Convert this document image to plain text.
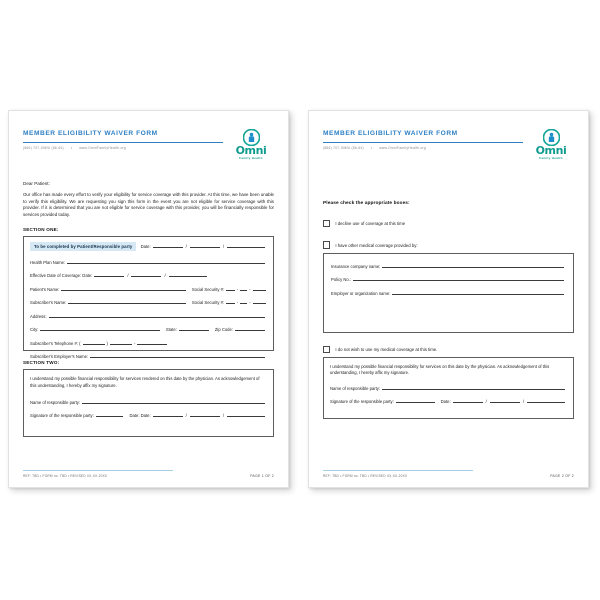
MEMBER ELIGIBILITY WAIVER FORM
(866) 707-OMNI (66-64) • www.OmniFamilyHealth.org	Omni
Family Health
Dear Patient:
Our office has made every effort to verify your eligibility for service coverage with this provider. At this time, we have been unable to verify this eligibility. We are requesting you sign this form in the event you are not eligible for service coverage with this provider. If it is determined that you are not eligible for service coverage with this provider, you will be financially responsible for services provided today.
SECTION ONE:
To be completed by Patient/Responsible party	Date:	/	/
Health Plan Name:
Effective Date of Coverage: Date:	/	/
Patient's Name:	Social Security #:	-	-
Subscriber's Name:	Social Security #:	-	-
Address:
City:	State:	Zip Code:
Subscriber's Telephone #: (	)	-
Subscriber's Employer's Name:
SECTION TWO:
I understand my possible financial responsibility for services rendered on this date by the physician. As acknowledgement of this understanding, I hereby affix my signature.
Name of responsible party:
Signature of the responsible party:	Date: Date:	/	/
REF: TBD • FORM no. TBD • REVISED XX-XX-20XX	PAGE 1 OF 2
MEMBER ELIGIBILITY WAIVER FORM
(866) 707-OMNI (66-64) • www.OmniFamilyHealth.org	Omni
Family Health
Please check the appropriate boxes:
I decline use of coverage at this time
I have other medical coverage provided by:
Insurance company name:
Policy No.:
Employer or organization name:
I do not wish to use my medical coverage at this time.
I understand my possible financial responsibility for services on this date by the physician. As acknowledgement of this understanding, I hereby affix my signature.
Name of responsible party:
Signature of the responsible party:	Date:	/	/
REF: TBD • FORM no. TBD • REVISED XX-XX-20XX	PAGE 2 OF 2
